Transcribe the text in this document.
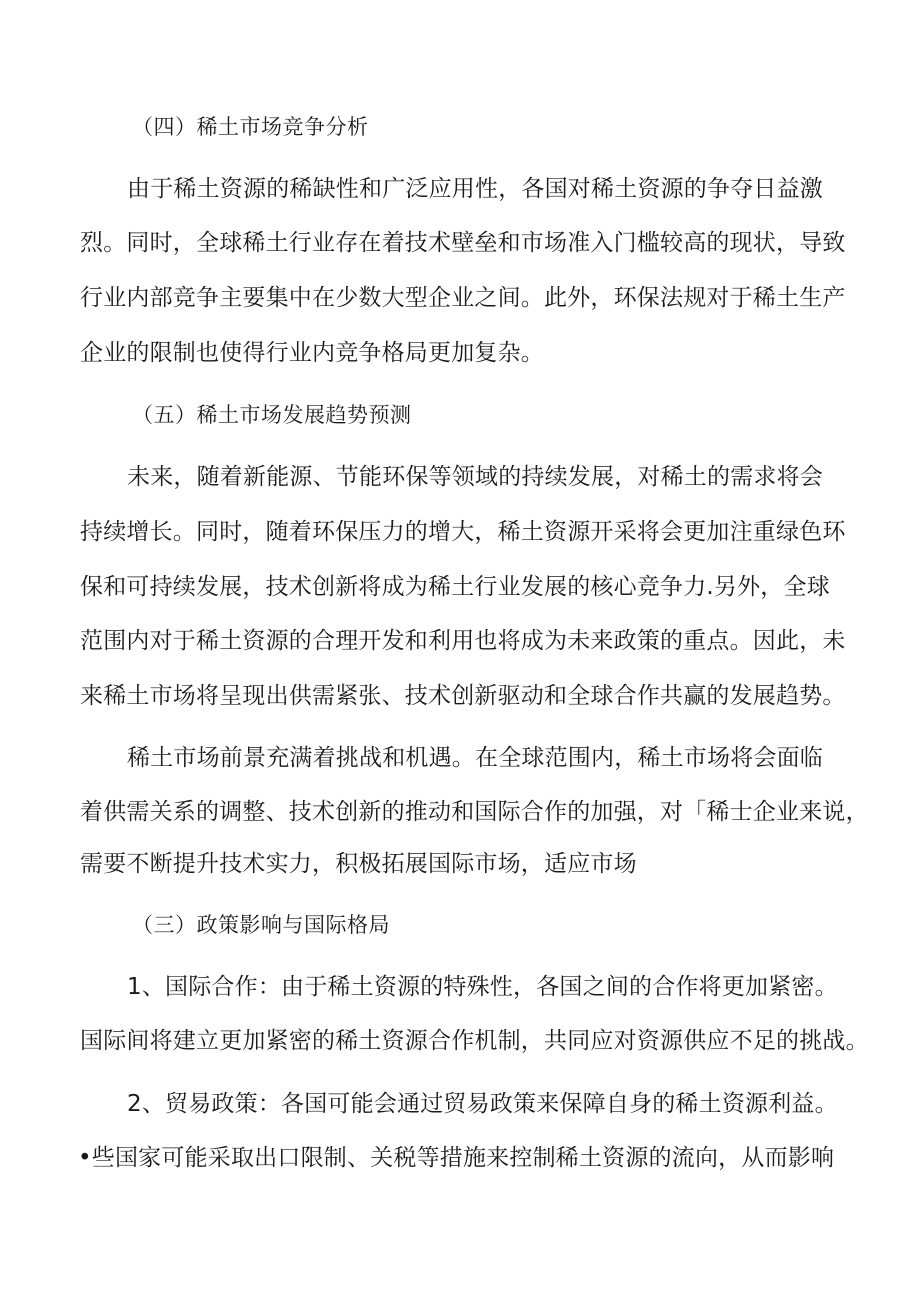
（四）稀土市场竞争分析
由于稀土资源的稀缺性和广泛应用性，各国对稀土资源的争夺日益激
烈。同时，全球稀土行业存在着技术壁垒和市场准入门槛较高的现状，导致
行业内部竞争主要集中在少数大型企业之间。此外，环保法规对于稀土生产
企业的限制也使得行业内竞争格局更加复杂。
（五）稀土市场发展趋势预测
未来，随着新能源、节能环保等领域的持续发展，对稀土的需求将会
持续增长。同时，随着环保压力的增大，稀土资源开采将会更加注重绿色环
保和可持续发展，技术创新将成为稀土行业发展的核心竞争力.另外，全球
范围内对于稀土资源的合理开发和利用也将成为未来政策的重点。因此，未
来稀土市场将呈现出供需紧张、技术创新驱动和全球合作共赢的发展趋势。
稀土市场前景充满着挑战和机遇。在全球范围内，稀土市场将会面临
着供需关系的调整、技术创新的推动和国际合作的加强，对「稀士企业来说，
需要不断提升技术实力，积极拓展国际市场，适应市场
（三）政策影响与国际格局
1、国际合作：由于稀土资源的特殊性，各国之间的合作将更加紧密。
国际间将建立更加紧密的稀土资源合作机制，共同应对资源供应不足的挑战。
2、贸易政策：各国可能会通过贸易政策来保障自身的稀土资源利益。
•些国家可能采取出口限制、关税等措施来控制稀土资源的流向，从而影响
